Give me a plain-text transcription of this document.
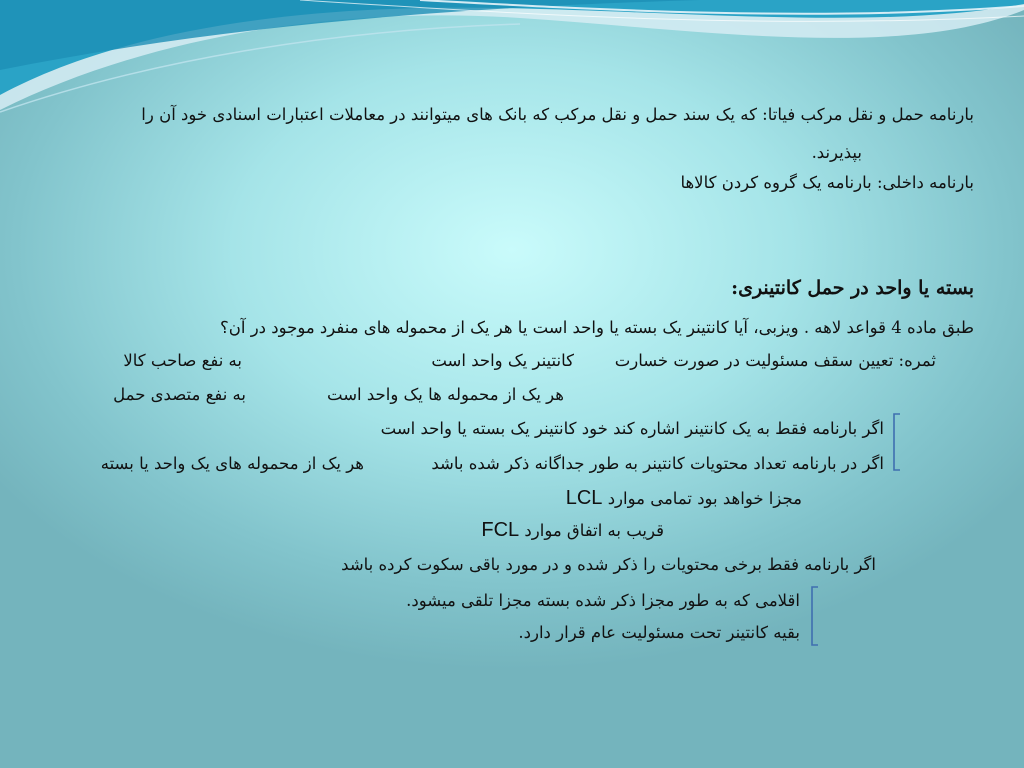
بارنامه حمل و نقل مرکب فیاتا: که یک سند حمل و نقل مرکب که بانک های میتوانند در معاملات اعتبارات اسنادی خود آن را
بپذیرند.
بارنامه داخلی: بارنامه یک گروه کردن کالاها
بسته یا واحد در حمل کانتینری:
طبق ماده 4 قواعد لاهه . ویزبی، آیا کانتینر یک بسته یا واحد است یا هر یک از محموله های منفرد موجود در آن؟
ثمره: تعیین سقف مسئولیت در صورت خسارت
کانتینر یک واحد است
به نفع صاحب کالا
هر یک از محموله ها یک واحد است
به نفع متصدی حمل
اگر بارنامه فقط به یک کانتینر اشاره کند خود کانتینر یک بسته یا واحد است
اگر در بارنامه تعداد محتویات کانتینر به طور جداگانه ذکر شده باشد
هر یک از محموله های یک واحد یا بسته
مجزا خواهد بود تمامی موارد LCL
قریب به اتفاق موارد FCL
اگر بارنامه فقط برخی محتویات را ذکر شده و در مورد باقی سکوت کرده باشد
اقلامی که به طور مجزا ذکر شده بسته مجزا تلقی میشود.
بقیه کانتینر تحت مسئولیت عام قرار دارد.
